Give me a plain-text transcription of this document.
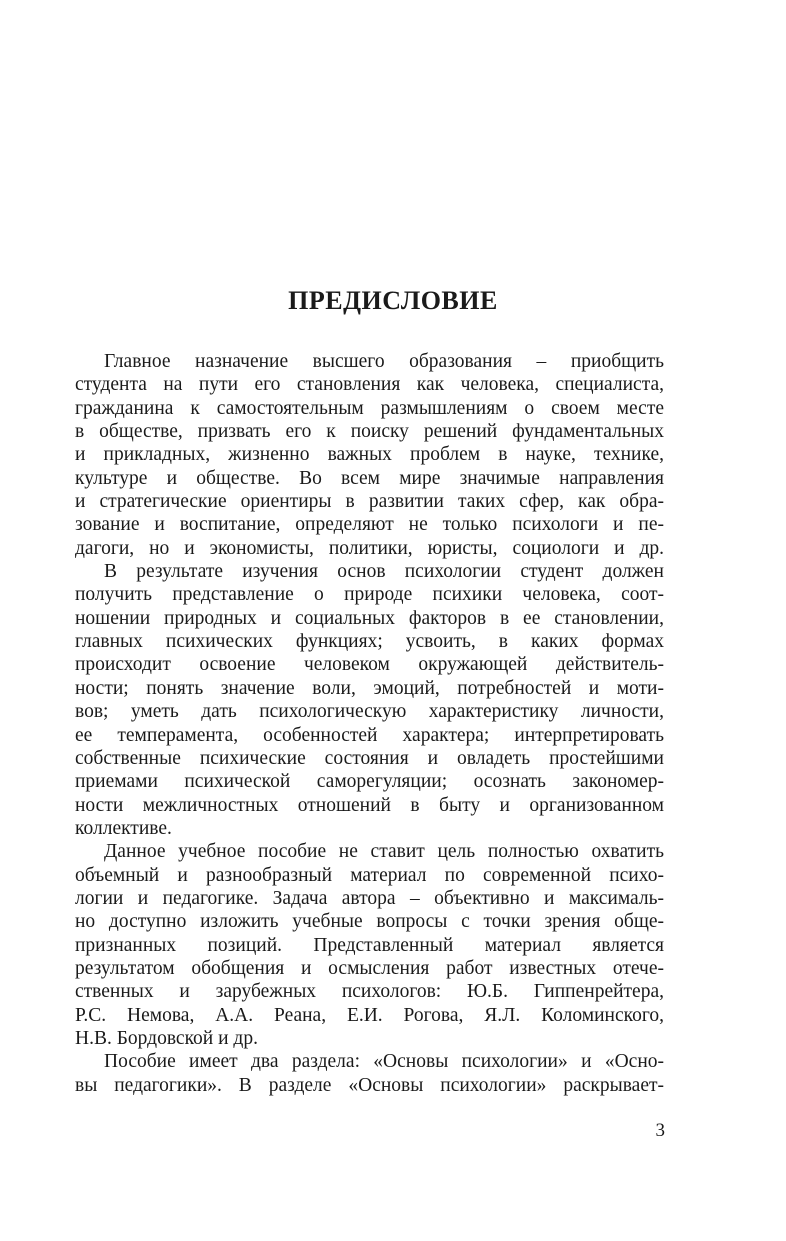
ПРЕДИСЛОВИЕ
Главное назначение высшего образования – приобщить
студента на пути его становления как человека, специалиста,
гражданина к самостоятельным размышлениям о своем месте
в обществе, призвать его к поиску решений фундаментальных
и прикладных, жизненно важных проблем в науке, технике,
культуре и обществе. Во всем мире значимые направления
и стратегические ориентиры в развитии таких сфер, как обра-
зование и воспитание, определяют не только психологи и пе-
дагоги, но и экономисты, политики, юристы, социологи и др.
В результате изучения основ психологии студент должен
получить представление о природе психики человека, соот-
ношении природных и социальных факторов в ее становлении,
главных психических функциях; усвоить, в каких формах
происходит освоение человеком окружающей действитель-
ности; понять значение воли, эмоций, потребностей и моти-
вов; уметь дать психологическую характеристику личности,
ее темперамента, особенностей характера; интерпретировать
собственные психические состояния и овладеть простейшими
приемами психической саморегуляции; осознать закономер-
ности межличностных отношений в быту и организованном
коллективе.
Данное учебное пособие не ставит цель полностью охватить
объемный и разнообразный материал по современной психо-
логии и педагогике. Задача автора – объективно и максималь-
но доступно изложить учебные вопросы с точки зрения обще-
признанных позиций. Представленный материал является
результатом обобщения и осмысления работ известных отече-
ственных и зарубежных психологов: Ю.Б. Гиппенрейтера,
Р.С. Немова, А.А. Реана, Е.И. Рогова, Я.Л. Коломинского,
Н.В. Бордовской и др.
Пособие имеет два раздела: «Основы психологии» и «Осно-
вы педагогики». В разделе «Основы психологии» раскрывает-
3
